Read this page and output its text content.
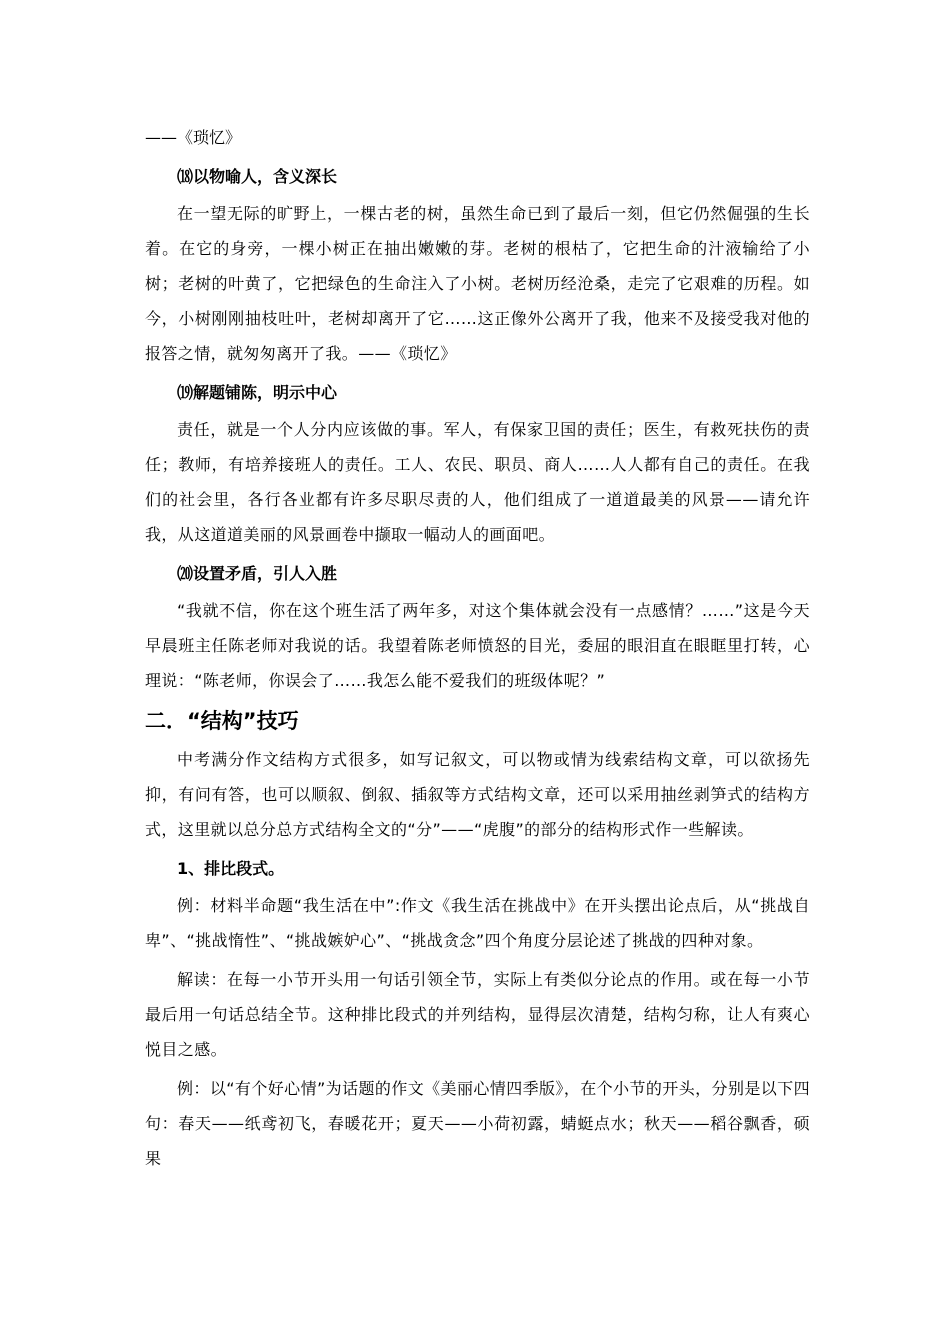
——《琐忆》

⒅以物喻人，含义深长

在一望无际的旷野上，一棵古老的树，虽然生命已到了最后一刻，但它仍然倔强的生长着。在它的身旁，一棵小树正在抽出嫩嫩的芽。老树的根枯了，它把生命的汁液输给了小树；老树的叶黄了，它把绿色的生命注入了小树。老树历经沧桑，走完了它艰难的历程。如今，小树刚刚抽枝吐叶，老树却离开了它……这正像外公离开了我，他来不及接受我对他的报答之情，就匆匆离开了我。——《琐忆》

⒆解题铺陈，明示中心

责任，就是一个人分内应该做的事。军人，有保家卫国的责任；医生，有救死扶伤的责任；教师，有培养接班人的责任。工人、农民、职员、商人……人人都有自己的责任。在我们的社会里，各行各业都有许多尽职尽责的人，他们组成了一道道最美的风景——请允许我，从这道道美丽的风景画卷中撷取一幅动人的画面吧。

⒇设置矛盾，引人入胜

“我就不信，你在这个班生活了两年多，对这个集体就会没有一点感情？……”这是今天早晨班主任陈老师对我说的话。我望着陈老师愤怒的目光，委屈的眼泪直在眼眶里打转，心理说：“陈老师，你误会了……我怎么能不爱我们的班级体呢？”

二．“结构”技巧

中考满分作文结构方式很多，如写记叙文，可以物或情为线索结构文章，可以欲扬先抑，有问有答，也可以顺叙、倒叙、插叙等方式结构文章，还可以采用抽丝剥笋式的结构方式，这里就以总分总方式结构全文的“分”——“虎腹”的部分的结构形式作一些解读。

1、排比段式。

例：材料半命题“我生活在中”:作文《我生活在挑战中》在开头摆出论点后，从“挑战自卑”、“挑战惰性”、“挑战嫉妒心”、“挑战贪念”四个角度分层论述了挑战的四种对象。

解读：在每一小节开头用一句话引领全节，实际上有类似分论点的作用。或在每一小节最后用一句话总结全节。这种排比段式的并列结构，显得层次清楚，结构匀称，让人有爽心悦目之感。

例：以“有个好心情”为话题的作文《美丽心情四季版》，在个小节的开头，分别是以下四句：春天——纸鸢初飞，春暖花开；夏天——小荷初露，蜻蜓点水；秋天——稻谷飘香，硕果
